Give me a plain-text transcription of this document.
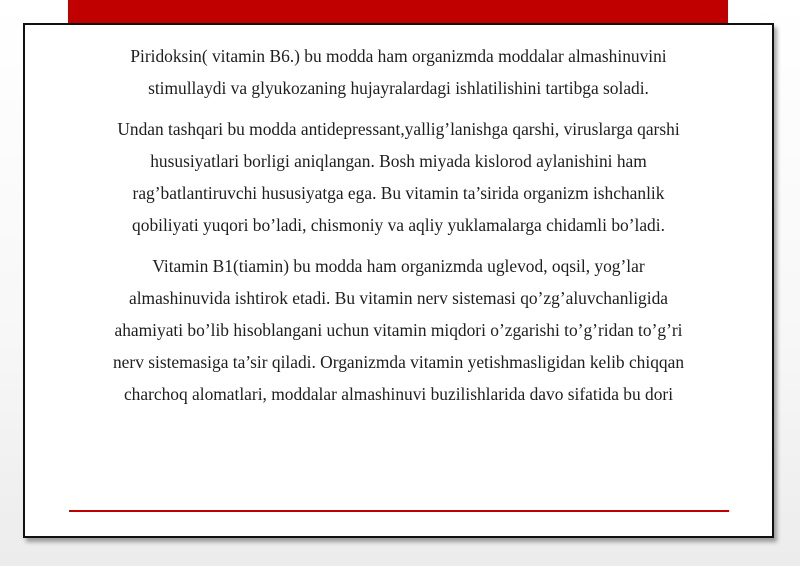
Piridoksin( vitamin B6.) bu modda ham organizmda moddalar almashinuvini
stimullaydi va glyukozaning hujayralardagi ishlatilishini tartibga soladi.

Undan tashqari bu modda antidepressant,yallig’lanishga qarshi, viruslarga qarshi
hususiyatlari borligi aniqlangan. Bosh miyada kislorod aylanishini ham
rag’batlantiruvchi hususiyatga ega. Bu vitamin ta’sirida organizm ishchanlik
qobiliyati yuqori bo’ladi, chismoniy va aqliy yuklamalarga chidamli bo’ladi.

Vitamin B1(tiamin) bu modda ham organizmda uglevod, oqsil, yog’lar
almashinuvida ishtirok etadi. Bu vitamin nerv sistemasi qo’zg’aluvchanligida
ahamiyati bo’lib hisoblangani uchun vitamin miqdori o’zgarishi to’g’ridan to’g’ri
nerv sistemasiga ta’sir qiladi. Organizmda vitamin yetishmasligidan kelib chiqqan
charchoq alomatlari, moddalar almashinuvi buzilishlarida davo sifatida bu dori
